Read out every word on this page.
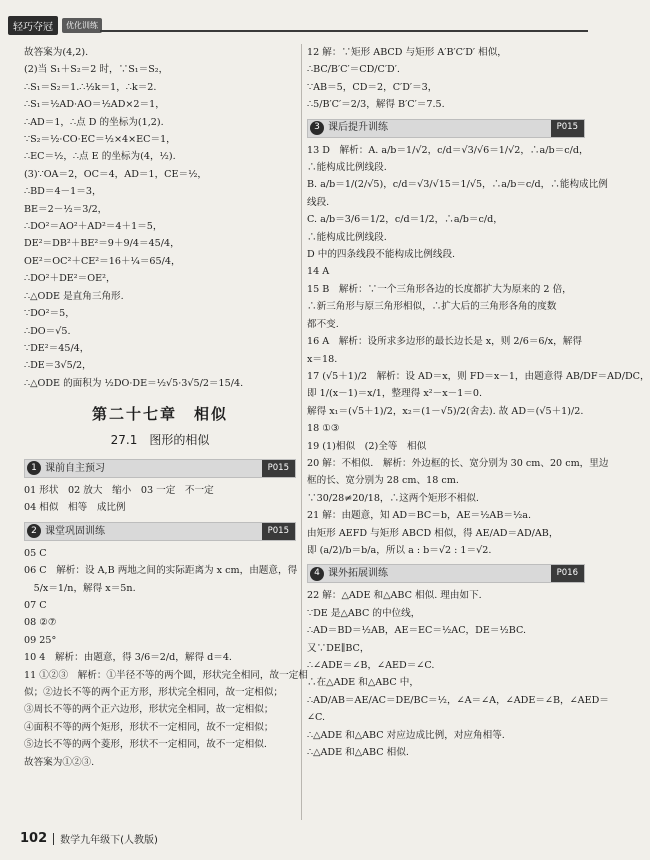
轻巧夺冠	优化训练
故答案为(4,2).
(2)当 S₁＋S₂＝2 时，∵S₁＝S₂，
∴S₁＝S₂＝1.∴½k＝1，∴k＝2.
∴S₁＝½AD·AO＝½AD×2＝1，
∴AD＝1，∴点 D 的坐标为(1,2).
∵S₂＝½·CO·EC＝½×4×EC＝1，
∴EC＝½，∴点 E 的坐标为(4，½).
(3)∵OA＝2，OC＝4，AD＝1，CE＝½，
∴BD＝4－1＝3，
BE＝2－½＝3/2，
∴DO²＝AO²＋AD²＝4＋1＝5，
DE²＝DB²＋BE²＝9＋9/4＝45/4，
OE²＝OC²＋CE²＝16＋¼＝65/4，
∴DO²＋DE²＝OE²，
∴△ODE 是直角三角形.
∵DO²＝5，
∴DO＝√5.
∵DE²＝45/4，
∴DE＝3√5/2，
∴△ODE 的面积为 ½DO·DE＝½√5·3√5/2＝15/4.
第二十七章　相似
27.1　图形的相似
1 课前自主预习	P015
01 形状　02 放大　缩小　03 一定　不一定
04 相似　相等　成比例
2 课堂巩固训练	P015
05 C
06 C　解析：设 A,B 两地之间的实际距离为 x cm，由题意，得
　5/x＝1/n，解得 x＝5n.
07 C
08 ②⑦
09 25°
10 4　解析：由题意，得 3/6＝2/d，解得 d＝4.
11 ①②③　解析：①半径不等的两个圆，形状完全相同，故一定相
似；②边长不等的两个正方形，形状完全相同，故一定相似；
③周长不等的两个正六边形，形状完全相同，故一定相似；
④面积不等的两个矩形，形状不一定相同，故不一定相似；
⑤边长不等的两个菱形，形状不一定相同，故不一定相似.
故答案为①②③.
12 解：∵矩形 ABCD 与矩形 A′B′C′D′ 相似，
∴BC/B′C′＝CD/C′D′.
∵AB＝5，CD＝2，C′D′＝3，
∴5/B′C′＝2/3，解得 B′C′＝7.5.
3 课后提升训练	P015
13 D　解析：A. a/b＝1/√2，c/d＝√3/√6＝1/√2，∴a/b＝c/d，
∴能构成比例线段.
B. a/b＝1/(2/√5)，c/d＝√3/√15＝1/√5，∴a/b＝c/d，∴能构成比例
线段.
C. a/b＝3/6＝1/2，c/d＝1/2，∴a/b＝c/d，
∴能构成比例线段.
D 中的四条线段不能构成比例线段.
14 A
15 B　解析：∵一个三角形各边的长度都扩大为原来的 2 倍，
∴新三角形与原三角形相似，∴扩大后的三角形各角的度数
都不变.
16 A　解析：设所求多边形的最长边长是 x，则 2/6＝6/x，解得
x＝18.
17 (√5＋1)/2　解析：设 AD＝x，则 FD＝x－1，由题意得 AB/DF＝AD/DC，
即 1/(x－1)＝x/1，整理得 x²－x－1＝0.
解得 x₁＝(√5＋1)/2，x₂＝(1－√5)/2(舍去). 故 AD＝(√5＋1)/2.
18 ①③
19 (1)相似　(2)全等　相似
20 解：不相似.　解析：外边框的长、宽分别为 30 cm、20 cm，里边
框的长、宽分别为 28 cm、18 cm.
∵30/28≠20/18，∴这两个矩形不相似.
21 解：由题意，知 AD＝BC＝b，AE＝½AB＝½a.
由矩形 AEFD 与矩形 ABCD 相似，得 AE/AD＝AD/AB，
即 (a/2)/b＝b/a，所以 a : b＝√2 : 1＝√2.
4 课外拓展训练	P016
22 解：△ADE 和△ABC 相似. 理由如下.
∵DE 是△ABC 的中位线，
∴AD＝BD＝½AB，AE＝EC＝½AC，DE＝½BC.
又∵DE∥BC，
∴∠ADE＝∠B，∠AED＝∠C.
∴在△ADE 和△ABC 中，
∴AD/AB＝AE/AC＝DE/BC＝½，∠A＝∠A，∠ADE＝∠B，∠AED＝
∠C.
∴△ADE 和△ABC 对应边成比例，对应角相等.
∴△ADE 和△ABC 相似.
102 数学九年级下(人教版)
